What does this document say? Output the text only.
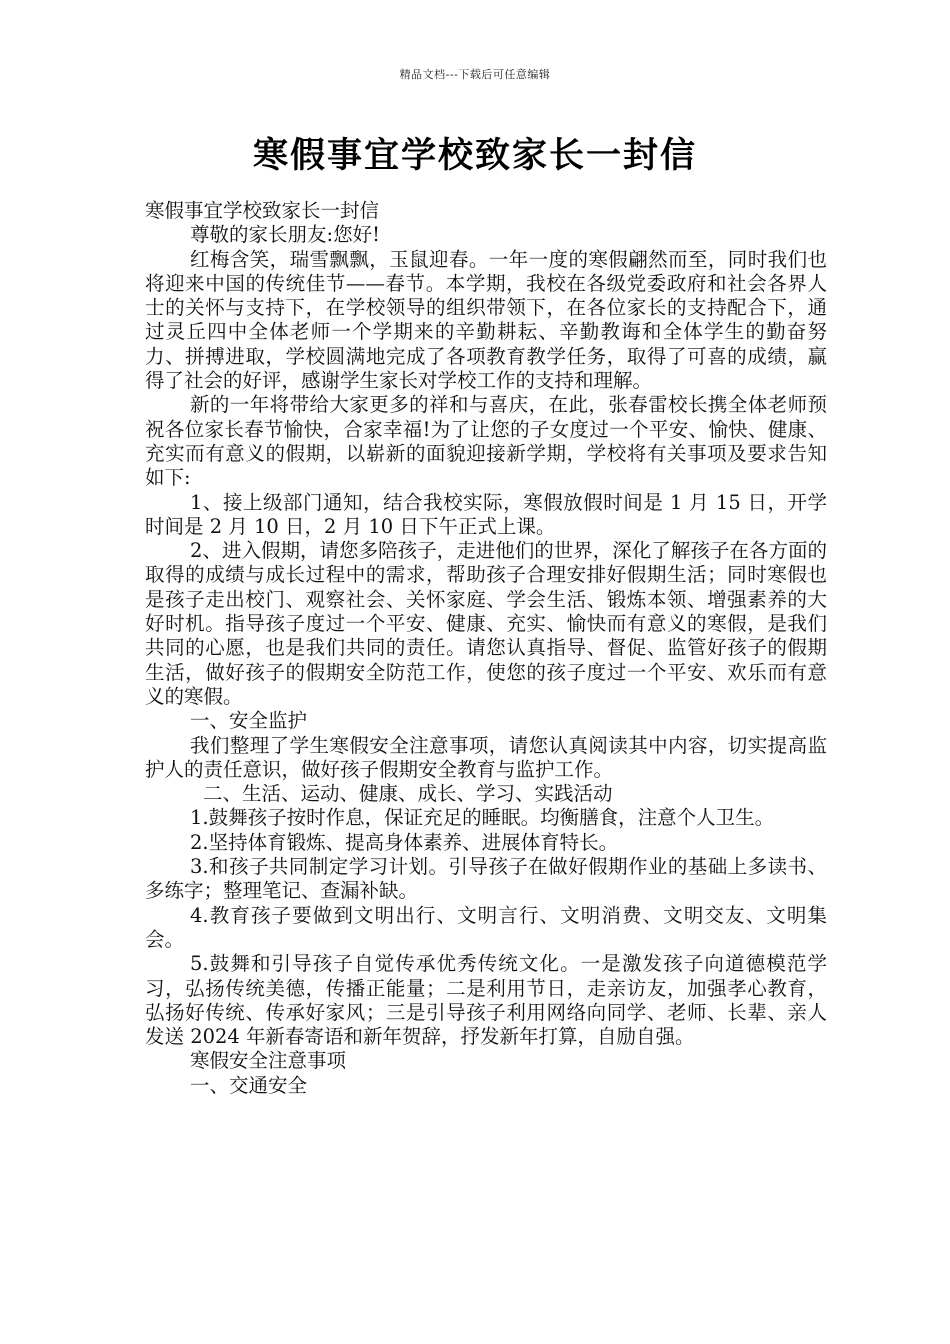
精品文档---下载后可任意编辑
寒假事宜学校致家长一封信

寒假事宜学校致家长一封信

尊敬的家长朋友:您好!

红梅含笑，瑞雪飘飘，玉鼠迎春。一年一度的寒假翩然而至，同时我们也将迎来中国的传统佳节——春节。本学期，我校在各级党委政府和社会各界人士的关怀与支持下，在学校领导的组织带领下，在各位家长的支持配合下，通过灵丘四中全体老师一个学期来的辛勤耕耘、辛勤教诲和全体学生的勤奋努力、拼搏进取，学校圆满地完成了各项教育教学任务，取得了可喜的成绩，赢得了社会的好评，感谢学生家长对学校工作的支持和理解。

新的一年将带给大家更多的祥和与喜庆，在此，张春雷校长携全体老师预祝各位家长春节愉快，合家幸福!为了让您的子女度过一个平安、愉快、健康、充实而有意义的假期，以崭新的面貌迎接新学期，学校将有关事项及要求告知如下:

1、接上级部门通知，结合我校实际，寒假放假时间是 1 月 15 日，开学时间是 2 月 10 日，2 月 10 日下午正式上课。

2、进入假期，请您多陪孩子，走进他们的世界，深化了解孩子在各方面的取得的成绩与成长过程中的需求，帮助孩子合理安排好假期生活；同时寒假也是孩子走出校门、观察社会、关怀家庭、学会生活、锻炼本领、增强素养的大好时机。指导孩子度过一个平安、健康、充实、愉快而有意义的寒假，是我们共同的心愿，也是我们共同的责任。请您认真指导、督促、监管好孩子的假期生活，做好孩子的假期安全防范工作，使您的孩子度过一个平安、欢乐而有意义的寒假。

一、安全监护

我们整理了学生寒假安全注意事项，请您认真阅读其中内容，切实提高监护人的责任意识，做好孩子假期安全教育与监护工作。

二、生活、运动、健康、成长、学习、实践活动

1.鼓舞孩子按时作息，保证充足的睡眠。均衡膳食，注意个人卫生。

2.坚持体育锻炼、提高身体素养、进展体育特长。

3.和孩子共同制定学习计划。引导孩子在做好假期作业的基础上多读书、多练字；整理笔记、查漏补缺。

4.教育孩子要做到文明出行、文明言行、文明消费、文明交友、文明集会。

5.鼓舞和引导孩子自觉传承优秀传统文化。一是激发孩子向道德模范学习，弘扬传统美德，传播正能量；二是利用节日，走亲访友，加强孝心教育，弘扬好传统、传承好家风；三是引导孩子利用网络向同学、老师、长辈、亲人发送 2024 年新春寄语和新年贺辞，抒发新年打算，自励自强。

寒假安全注意事项

一、交通安全
